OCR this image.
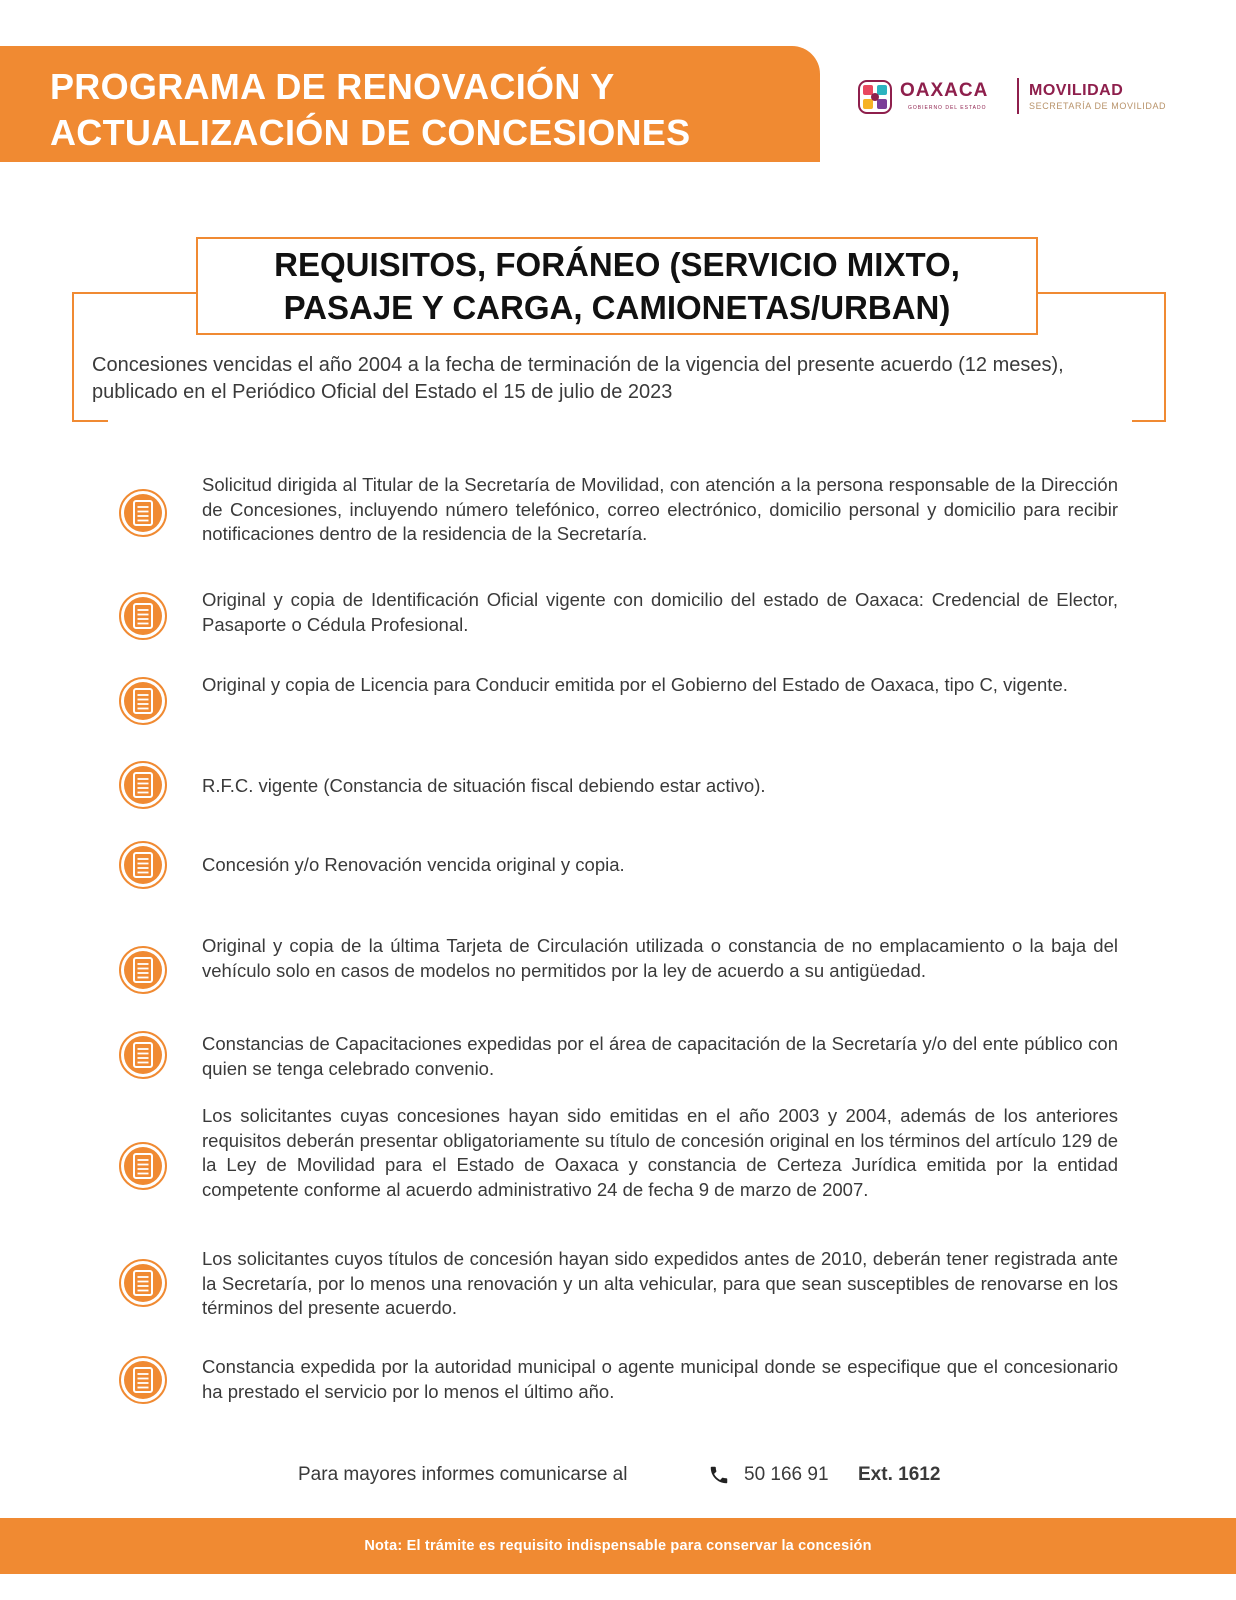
PROGRAMA DE RENOVACIÓN Y
ACTUALIZACIÓN DE CONCESIONES
OAXACA
GOBIERNO DEL ESTADO
MOVILIDAD
SECRETARÍA DE MOVILIDAD
REQUISITOS, FORÁNEO (SERVICIO MIXTO,
PASAJE Y CARGA, CAMIONETAS/URBAN)
Concesiones vencidas el año 2004 a la fecha de terminación de la vigencia del presente acuerdo (12 meses), publicado en el Periódico Oficial del Estado el 15 de julio de 2023
Solicitud dirigida al Titular de la Secretaría de Movilidad, con atención a la persona responsable de la Dirección de Concesiones, incluyendo número telefónico, correo electrónico, domicilio personal y domicilio para recibir notificaciones dentro de la residencia de la Secretaría.
Original y copia de Identificación Oficial vigente con domicilio del estado de Oaxaca: Credencial de Elector, Pasaporte o Cédula Profesional.
Original y copia de Licencia para Conducir emitida por el Gobierno del Estado de Oaxaca, tipo C, vigente.
R.F.C. vigente (Constancia de situación fiscal debiendo estar activo).
Concesión y/o Renovación vencida original y copia.
Original y copia de la última Tarjeta de Circulación utilizada o constancia de no emplacamiento o la baja del vehículo solo en casos de modelos no permitidos por la ley de acuerdo a su antigüedad.
Constancias de Capacitaciones expedidas por el área de capacitación de la Secretaría y/o del ente público con quien se tenga celebrado convenio.
Los solicitantes cuyas concesiones hayan sido emitidas en el año 2003 y 2004, además de los anteriores requisitos deberán presentar obligatoriamente su título de concesión original en los términos del artículo 129 de la Ley de Movilidad para el Estado de Oaxaca y constancia de Certeza Jurídica emitida por la entidad competente conforme al acuerdo administrativo 24 de fecha 9 de marzo de 2007.
Los solicitantes cuyos títulos de concesión hayan sido expedidos antes de 2010, deberán tener registrada ante la Secretaría, por lo menos una renovación y un alta vehicular, para que sean susceptibles de renovarse en los términos del presente acuerdo.
Constancia expedida por la autoridad municipal o agente municipal donde se especifique que el concesionario ha prestado el servicio por lo menos el último año.
Para mayores informes comunicarse al	50 166 91 Ext. 1612
Nota: El trámite es requisito indispensable para conservar la concesión
